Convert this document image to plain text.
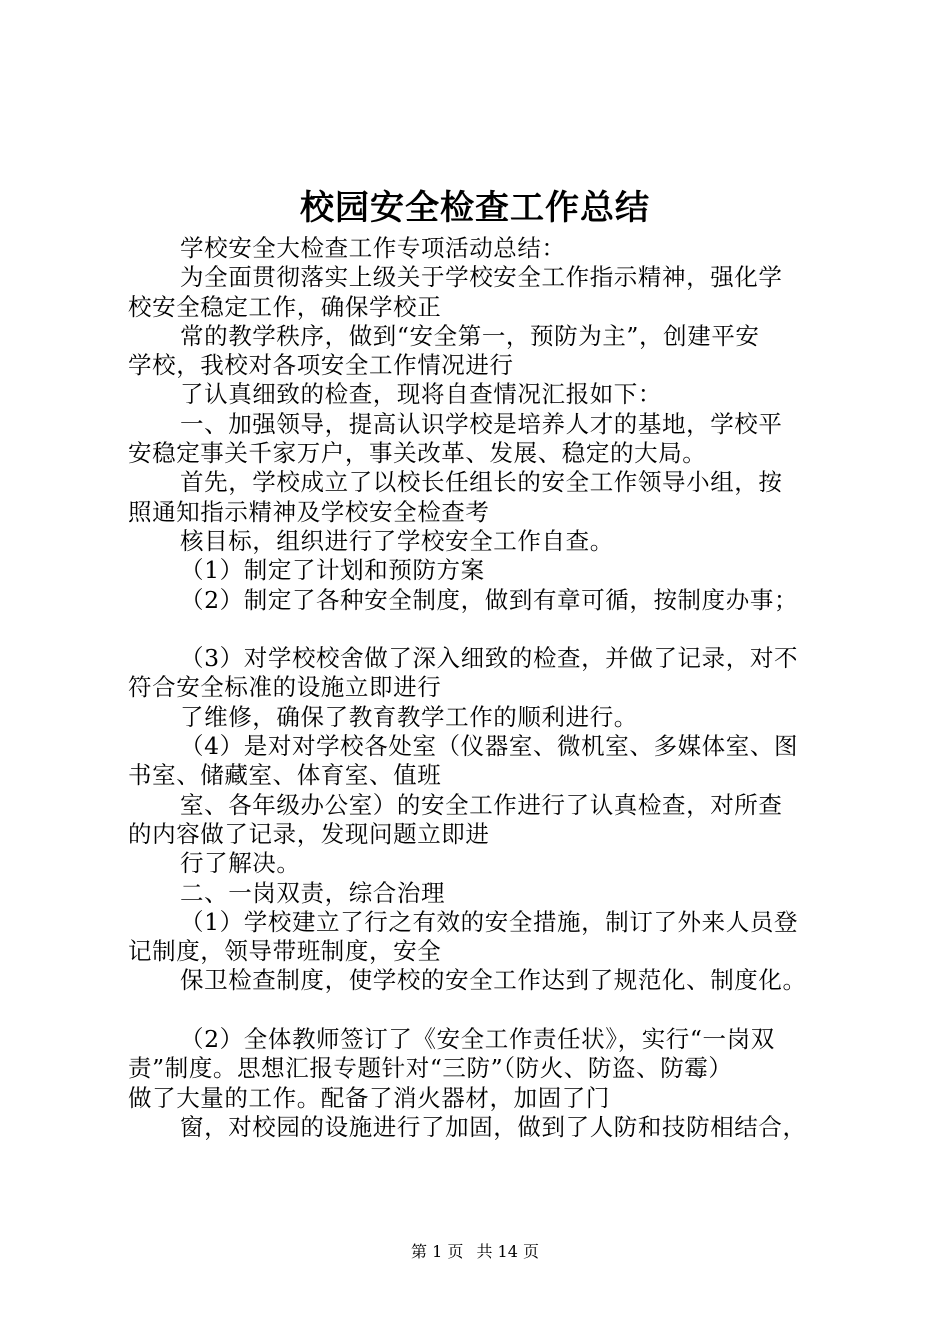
校园安全检查工作总结
学校安全大检查工作专项活动总结：
为全面贯彻落实上级关于学校安全工作指示精神，强化学
校安全稳定工作，确保学校正
常的教学秩序，做到“安全第一，预防为主”，创建平安
学校，我校对各项安全工作情况进行
了认真细致的检查，现将自查情况汇报如下：
一、加强领导，提高认识学校是培养人才的基地，学校平
安稳定事关千家万户，事关改革、发展、稳定的大局。
首先，学校成立了以校长任组长的安全工作领导小组，按
照通知指示精神及学校安全检查考
核目标，组织进行了学校安全工作自查。
（1）制定了计划和预防方案
（2）制定了各种安全制度，做到有章可循，按制度办事；
（3）对学校校舍做了深入细致的检查，并做了记录，对不
符合安全标准的设施立即进行
了维修，确保了教育教学工作的顺利进行。
（4）是对对学校各处室（仪器室、微机室、多媒体室、图
书室、储藏室、体育室、值班
室、各年级办公室）的安全工作进行了认真检查，对所查
的内容做了记录，发现问题立即进
行了解决。
二、一岗双责，综合治理
（1）学校建立了行之有效的安全措施，制订了外来人员登
记制度，领导带班制度，安全
保卫检查制度，使学校的安全工作达到了规范化、制度化。
（2）全体教师签订了《安全工作责任状》，实行“一岗双
责”制度。思想汇报专题针对“三防”（防火、防盗、防霉）
做了大量的工作。配备了消火器材，加固了门
窗，对校园的设施进行了加固，做到了人防和技防相结合，
第 1 页 共 14 页
